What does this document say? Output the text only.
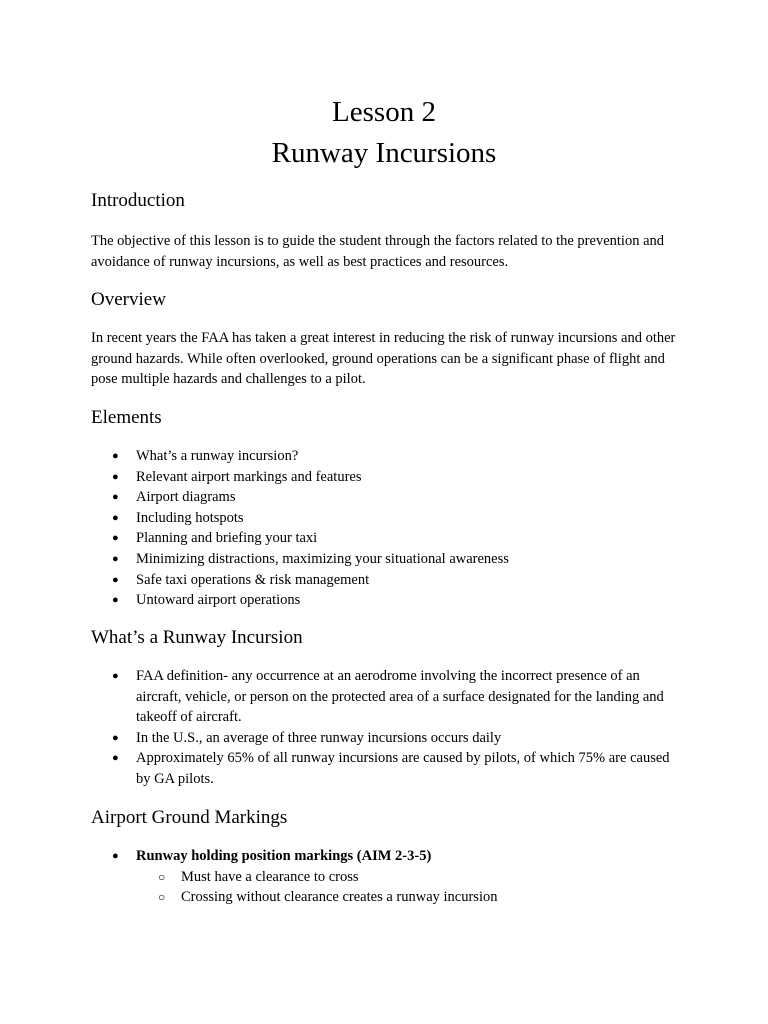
Lesson 2
Runway Incursions
Introduction

The objective of this lesson is to guide the student through the factors related to the prevention and avoidance of runway incursions, as well as best practices and resources.

Overview

In recent years the FAA has taken a great interest in reducing the risk of runway incursions and other ground hazards. While often overlooked, ground operations can be a significant phase of flight and pose multiple hazards and challenges to a pilot.

Elements
● What’s a runway incursion?
● Relevant airport markings and features
● Airport diagrams
● Including hotspots
● Planning and briefing your taxi
● Minimizing distractions, maximizing your situational awareness
● Safe taxi operations & risk management
● Untoward airport operations
What’s a Runway Incursion
● FAA definition- any occurrence at an aerodrome involving the incorrect presence of an aircraft, vehicle, or person on the protected area of a surface designated for the landing and takeoff of aircraft.
● In the U.S., an average of three runway incursions occurs daily
● Approximately 65% of all runway incursions are caused by pilots, of which 75% are caused by GA pilots.
Airport Ground Markings
● Runway holding position markings (AIM 2-3-5)
○ Must have a clearance to cross
○ Crossing without clearance creates a runway incursion
